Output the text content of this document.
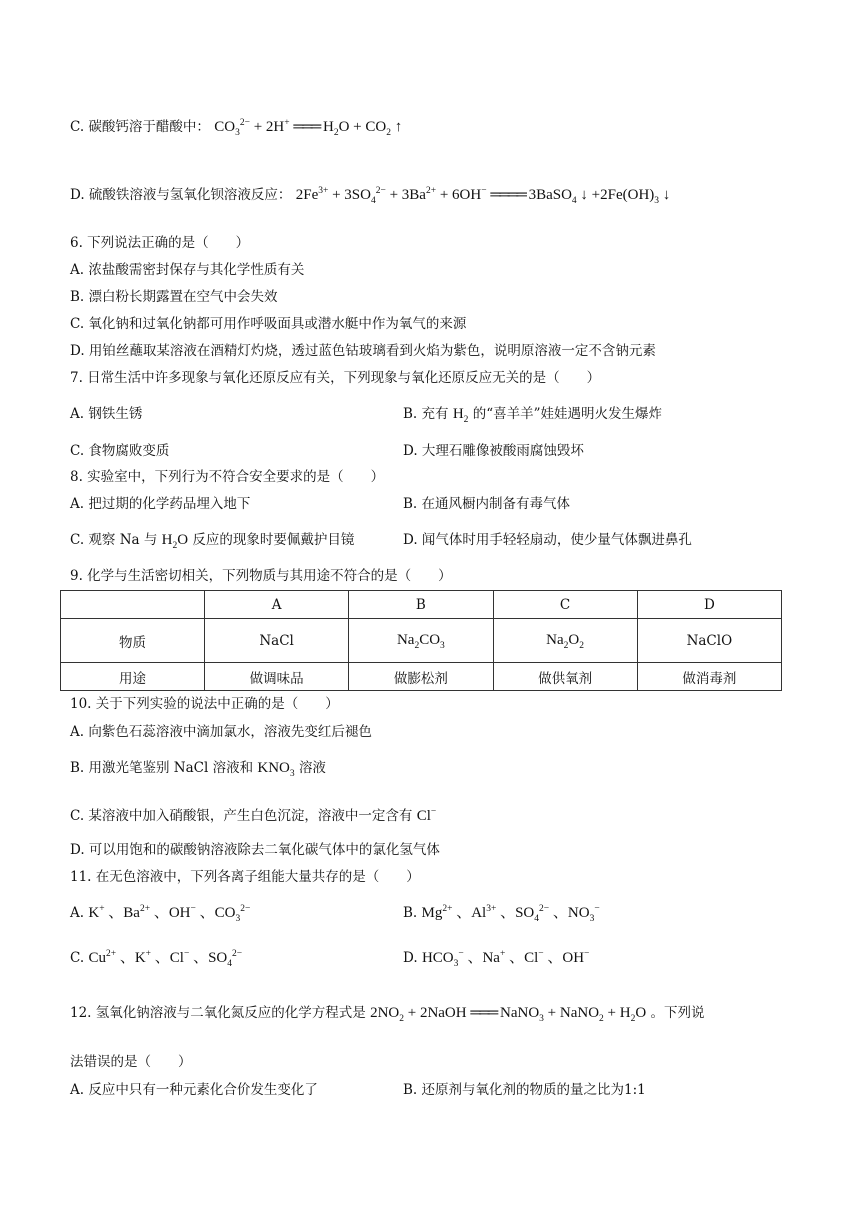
C. 碳酸钙溶于醋酸中： $CO_3^{2-} + 2H^+$ ═══ $H_2O + CO_2$ ↑
D. 硫酸铁溶液与氢氧化钡溶液反应： $2Fe^{3+} + 3SO_4^{2-} + 3Ba^{2+} + 6OH^-$ ════ 3BaSO$_4$ ↓ $+2Fe(OH)_3$ ↓
6. 下列说法正确的是（　　）
A. 浓盐酸需密封保存与其化学性质有关
B. 漂白粉长期露置在空气中会失效
C. 氧化钠和过氧化钠都可用作呼吸面具或潜水艇中作为氧气的来源
D. 用铂丝蘸取某溶液在酒精灯灼烧，透过蓝色钴玻璃看到火焰为紫色，说明原溶液一定不含钠元素
7. 日常生活中许多现象与氧化还原反应有关，下列现象与氧化还原反应无关的是（　　）
A. 钢铁生锈	B. 充有 $H_2$ 的“喜羊羊”娃娃遇明火发生爆炸
C. 食物腐败变质	D. 大理石雕像被酸雨腐蚀毁坏
8. 实验室中，下列行为不符合安全要求的是（　　）
A. 把过期的化学药品埋入地下	B. 在通风橱内制备有毒气体
C. 观察 Na 与 $H_2O$ 反应的现象时要佩戴护目镜	D. 闻气体时用手轻轻扇动，使少量气体飘进鼻孔
9. 化学与生活密切相关，下列物质与其用途不符合的是（　　）
	A	B	C	D
物质	NaCl	$Na_2CO_3$	$Na_2O_2$	NaClO
用途	做调味品	做膨松剂	做供氧剂	做消毒剂
10. 关于下列实验的说法中正确的是（　　）
A. 向紫色石蕊溶液中滴加氯水，溶液先变红后褪色
B. 用激光笔鉴别 NaCl 溶液和 $KNO_3$ 溶液
C. 某溶液中加入硝酸银，产生白色沉淀，溶液中一定含有 Cl−
D. 可以用饱和的碳酸钠溶液除去二氧化碳气体中的氯化氢气体
11. 在无色溶液中，下列各离子组能大量共存的是（　　）
A. K+ 、$Ba^{2+}$ 、OH− 、$CO_3^{2-}$	B. $Mg^{2+}$ 、$Al^{3+}$ 、$SO_4^{2-}$ 、$NO_3^-$
C. $Cu^{2+}$ 、K+ 、Cl− 、$SO_4^{2-}$	D. $HCO_3^-$ 、Na+ 、Cl− 、OH−
12. 氢氧化钠溶液与二氧化氮反应的化学方程式是 $2NO_2$ + 2NaOH ═══ NaNO$_3$ + NaNO$_2$ + $H_2O$ 。下列说
法错误的是（　　）
A. 反应中只有一种元素化合价发生变化了	B. 还原剂与氧化剂的物质的量之比为1:1
